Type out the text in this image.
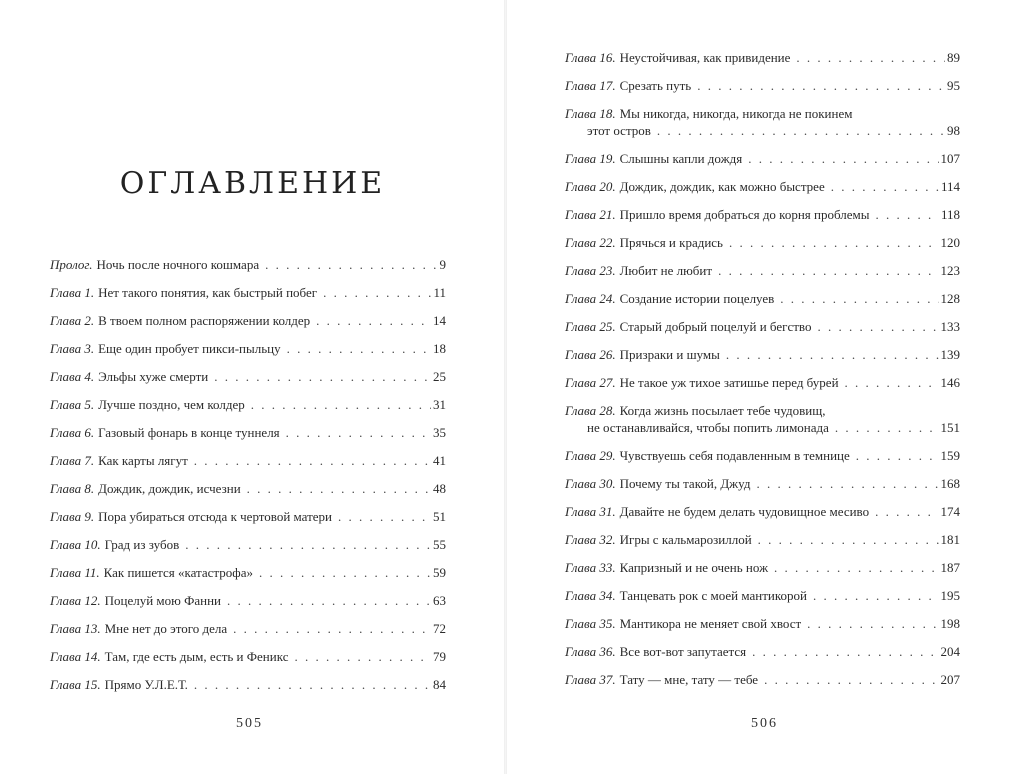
ОГЛАВЛЕНИЕ
Пролог. Ночь после ночного кошмара . . .	9
Глава 1. Нет такого понятия, как быстрый побег . . .	11
Глава 2. В твоем полном распоряжении колдер . . .	14
Глава 3. Еще один пробует пикси-пыльцу . . .	18
Глава 4. Эльфы хуже смерти . . .	25
Глава 5. Лучше поздно, чем колдер . . .	31
Глава 6. Газовый фонарь в конце туннеля . . .	35
Глава 7. Как карты лягут . . .	41
Глава 8. Дождик, дождик, исчезни . . .	48
Глава 9. Пора убираться отсюда к чертовой матери . . .	51
Глава 10. Град из зубов . . .	55
Глава 11. Как пишется «катастрофа» . . .	59
Глава 12. Поцелуй мою Фанни . . .	63
Глава 13. Мне нет до этого дела . . .	72
Глава 14. Там, где есть дым, есть и Феникс . . .	79
Глава 15. Прямо У.Л.Е.Т. . . .	84
505
Глава 16. Неустойчивая, как привидение . . .	89
Глава 17. Срезать путь . . .	95
Глава 18. Мы никогда, никогда, никогда не покинем
этот остров . . .	98
Глава 19. Слышны капли дождя . . .	107
Глава 20. Дождик, дождик, как можно быстрее . . .	114
Глава 21. Пришло время добраться до корня проблемы . . .	118
Глава 22. Прячься и крадись . . .	120
Глава 23. Любит не любит . . .	123
Глава 24. Создание истории поцелуев . . .	128
Глава 25. Старый добрый поцелуй и бегство . . .	133
Глава 26. Призраки и шумы . . .	139
Глава 27. Не такое уж тихое затишье перед бурей . . .	146
Глава 28. Когда жизнь посылает тебе чудовищ,
не останавливайся, чтобы попить лимонада . . .	151
Глава 29. Чувствуешь себя подавленным в темнице . . .	159
Глава 30. Почему ты такой, Джуд . . .	168
Глава 31. Давайте не будем делать чудовищное месиво . . .	174
Глава 32. Игры с кальмарозиллой . . .	181
Глава 33. Капризный и не очень нож . . .	187
Глава 34. Танцевать рок с моей мантикорой . . .	195
Глава 35. Мантикора не меняет свой хвост . . .	198
Глава 36. Все вот-вот запутается . . .	204
Глава 37. Тату — мне, тату — тебе . . .	207
506
